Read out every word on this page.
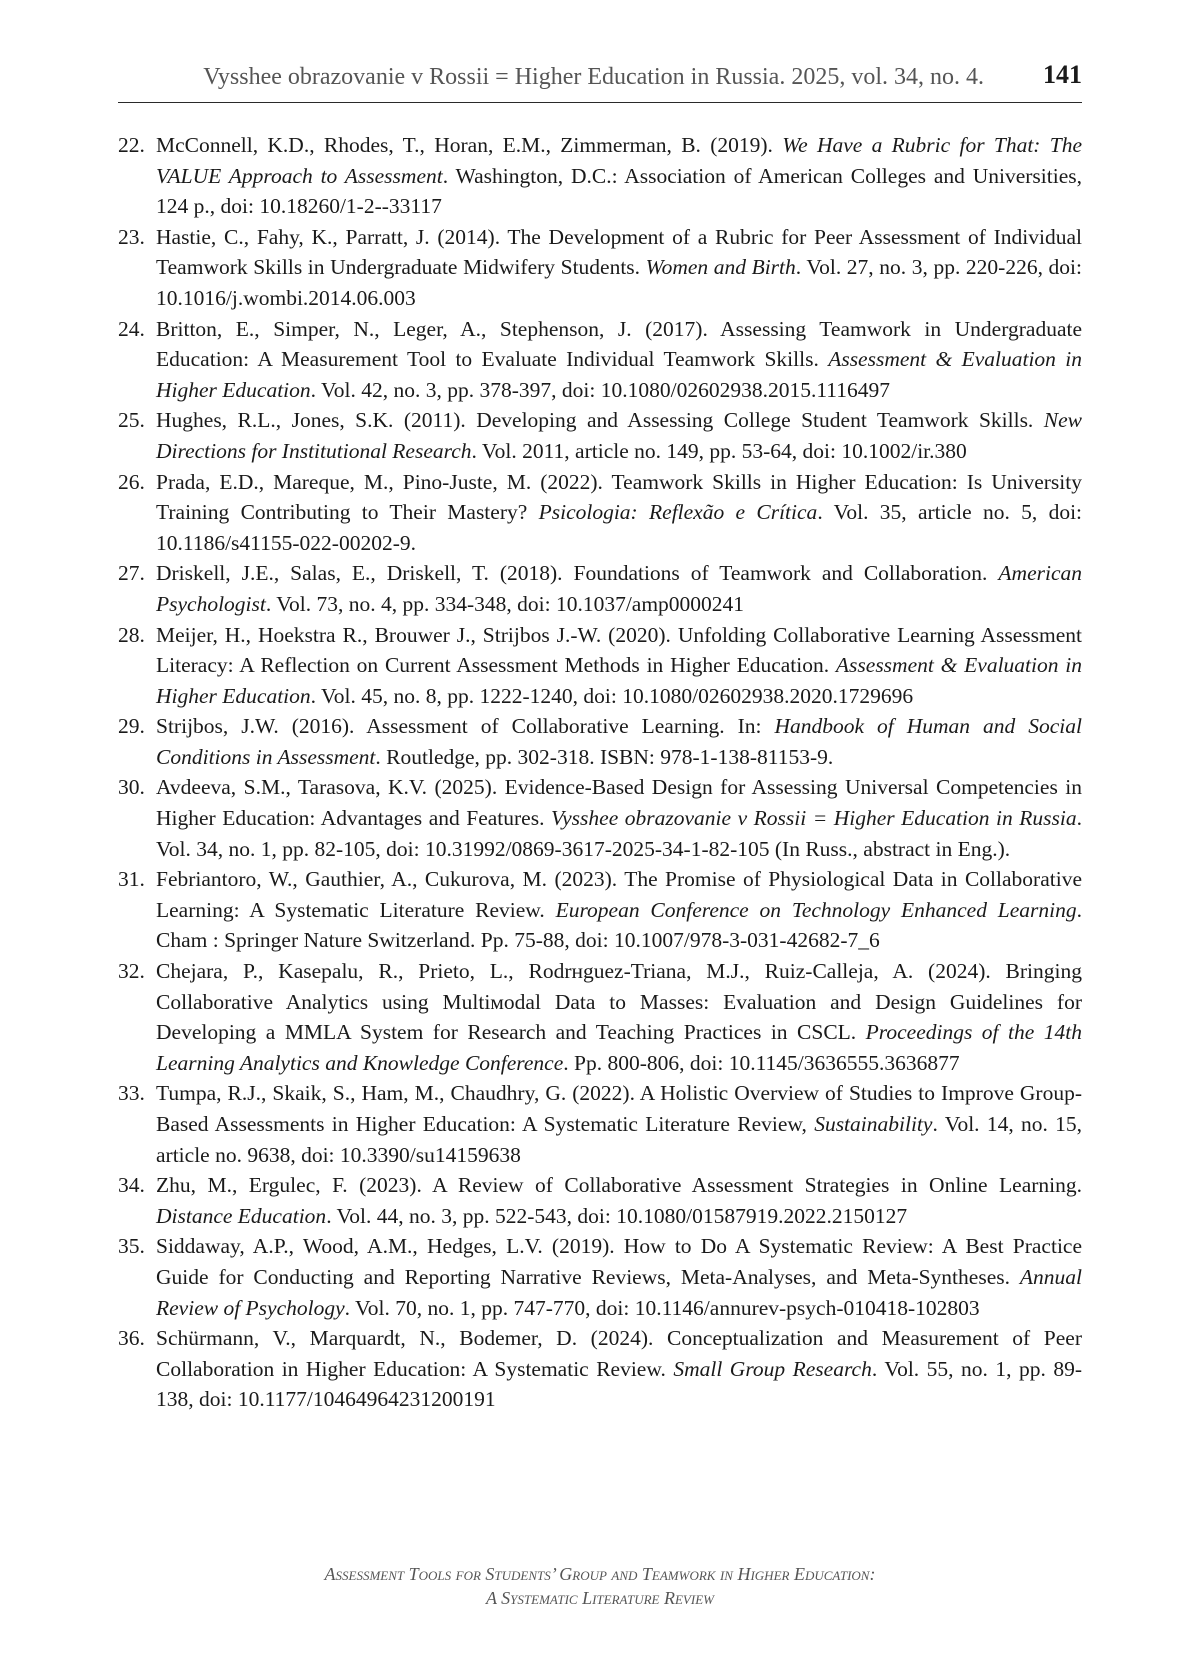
Vysshee obrazovanie v Rossii = Higher Education in Russia. 2025, vol. 34, no. 4. 141
22. McConnell, K.D., Rhodes, T., Horan, E.M., Zimmerman, B. (2019). We Have a Rubric for That: The VALUE Approach to Assessment. Washington, D.C.: Association of American Colleges and Universities, 124 p., doi: 10.18260/1-2--33117
23. Hastie, C., Fahy, K., Parratt, J. (2014). The Development of a Rubric for Peer Assessment of Individual Teamwork Skills in Undergraduate Midwifery Students. Women and Birth. Vol. 27, no. 3, pp. 220-226, doi: 10.1016/j.wombi.2014.06.003
24. Britton, E., Simper, N., Leger, A., Stephenson, J. (2017). Assessing Teamwork in Undergraduate Education: A Measurement Tool to Evaluate Individual Teamwork Skills. Assessment & Evaluation in Higher Education. Vol. 42, no. 3, pp. 378-397, doi: 10.1080/02602938.2015.1116497
25. Hughes, R.L., Jones, S.K. (2011). Developing and Assessing College Student Teamwork Skills. New Directions for Institutional Research. Vol. 2011, article no. 149, pp. 53-64, doi: 10.1002/ir.380
26. Prada, E.D., Mareque, M., Pino-Juste, M. (2022). Teamwork Skills in Higher Education: Is University Training Contributing to Their Mastery? Psicologia: Reflexão e Crítica. Vol. 35, article no. 5, doi: 10.1186/s41155-022-00202-9.
27. Driskell, J.E., Salas, E., Driskell, T. (2018). Foundations of Teamwork and Collaboration. American Psychologist. Vol. 73, no. 4, pp. 334-348, doi: 10.1037/amp0000241
28. Meijer, H., Hoekstra R., Brouwer J., Strijbos J.-W. (2020). Unfolding Collaborative Learning Assessment Literacy: A Reflection on Current Assessment Methods in Higher Education. Assessment & Evaluation in Higher Education. Vol. 45, no. 8, pp. 1222-1240, doi: 10.1080/02602938.2020.1729696
29. Strijbos, J.W. (2016). Assessment of Collaborative Learning. In: Handbook of Human and Social Conditions in Assessment. Routledge, pp. 302-318. ISBN: 978-1-138-81153-9.
30. Avdeeva, S.M., Tarasova, K.V. (2025). Evidence-Based Design for Assessing Universal Competencies in Higher Education: Advantages and Features. Vysshee obrazovanie v Rossii = Higher Education in Russia. Vol. 34, no. 1, pp. 82-105, doi: 10.31992/0869-3617-2025-34-1-82-105 (In Russ., abstract in Eng.).
31. Febriantoro, W., Gauthier, A., Cukurova, M. (2023). The Promise of Physiological Data in Collaborative Learning: A Systematic Literature Review. European Conference on Technology Enhanced Learning. Cham : Springer Nature Switzerland. Pp. 75-88, doi: 10.1007/978-3-031-42682-7_6
32. Chejara, P., Kasepalu, R., Prieto, L., Rodrнguez-Triana, M.J., Ruiz-Calleja, A. (2024). Bringing Collaborative Analytics using Multiмodal Data to Masses: Evaluation and Design Guidelines for Developing a MMLA System for Research and Teaching Practices in CSCL. Proceedings of the 14th Learning Analytics and Knowledge Conference. Pp. 800-806, doi: 10.1145/3636555.3636877
33. Tumpa, R.J., Skaik, S., Ham, M., Chaudhry, G. (2022). A Holistic Overview of Studies to Improve Group-Based Assessments in Higher Education: A Systematic Literature Review, Sustainability. Vol. 14, no. 15, article no. 9638, doi: 10.3390/su14159638
34. Zhu, M., Ergulec, F. (2023). A Review of Collaborative Assessment Strategies in Online Learning. Distance Education. Vol. 44, no. 3, pp. 522-543, doi: 10.1080/01587919.2022.2150127
35. Siddaway, A.P., Wood, A.M., Hedges, L.V. (2019). How to Do A Systematic Review: A Best Practice Guide for Conducting and Reporting Narrative Reviews, Meta-Analyses, and Meta-Syntheses. Annual Review of Psychology. Vol. 70, no. 1, pp. 747-770, doi: 10.1146/annurev-psych-010418-102803
36. Schürmann, V., Marquardt, N., Bodemer, D. (2024). Conceptualization and Measurement of Peer Collaboration in Higher Education: A Systematic Review. Small Group Research. Vol. 55, no. 1, pp. 89-138, doi: 10.1177/10464964231200191
Assessment Tools for Students’ Group and Teamwork in Higher Education:
A Systematic Literature Review
